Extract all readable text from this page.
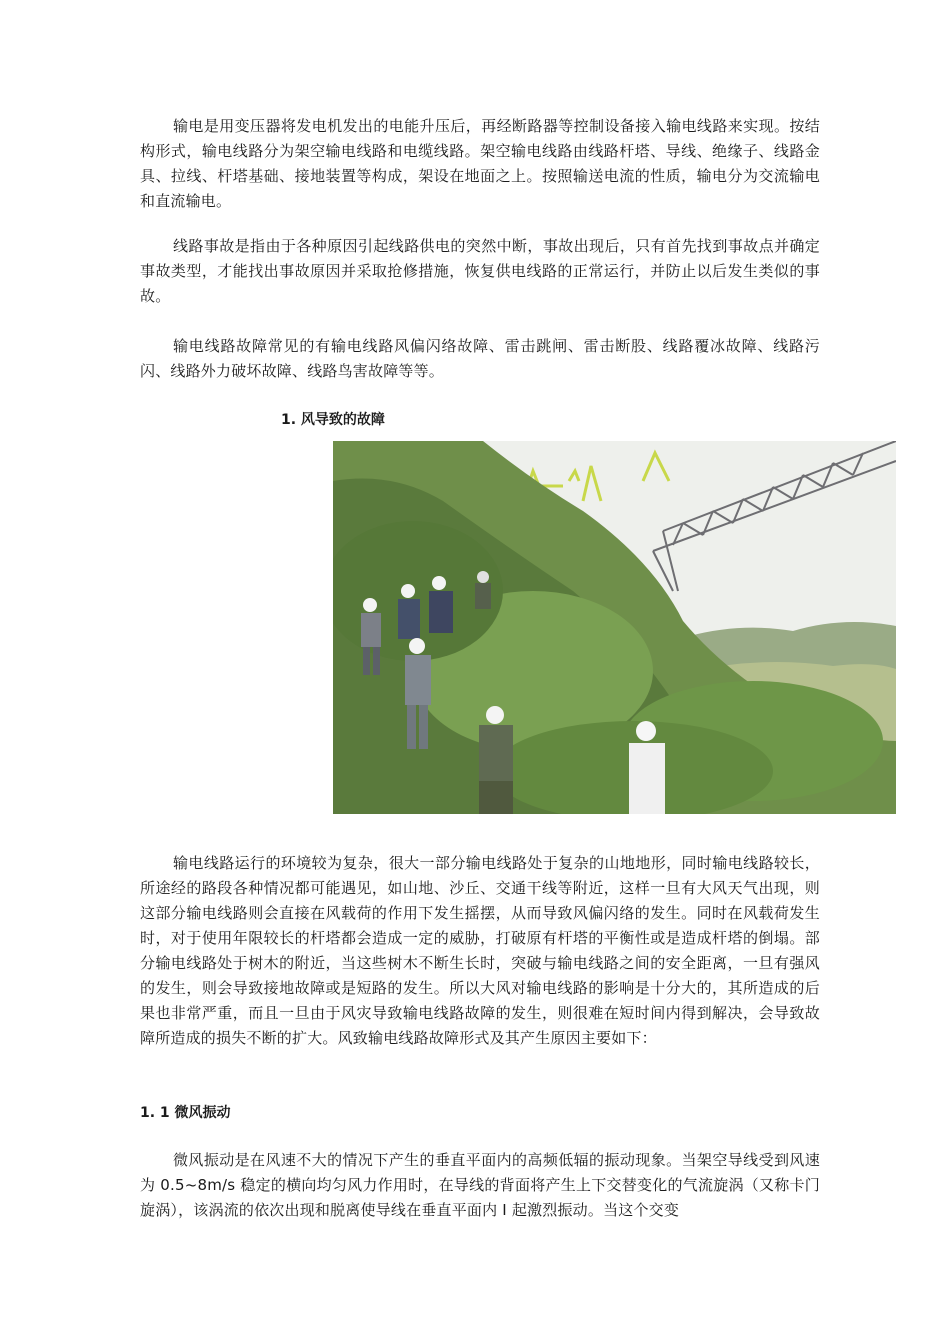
输电是用变压器将发电机发出的电能升压后，再经断路器等控制设备接入输电线路来实现。按结构形式，输电线路分为架空输电线路和电缆线路。架空输电线路由线路杆塔、导线、绝缘子、线路金具、拉线、杆塔基础、接地装置等构成，架设在地面之上。按照输送电流的性质，输电分为交流输电和直流输电。

线路事故是指由于各种原因引起线路供电的突然中断，事故出现后，只有首先找到事故点并确定事故类型，才能找出事故原因并采取抢修措施，恢复供电线路的正常运行，并防止以后发生类似的事故。

输电线路故障常见的有输电线路风偏闪络故障、雷击跳闸、雷击断股、线路覆冰故障、线路污闪、线路外力破坏故障、线路鸟害故障等等。

1. 风导致的故障

输电线路运行的环境较为复杂，很大一部分输电线路处于复杂的山地地形，同时输电线路较长，所途经的路段各种情况都可能遇见，如山地、沙丘、交通干线等附近，这样一旦有大风天气出现，则这部分输电线路则会直接在风载荷的作用下发生摇摆，从而导致风偏闪络的发生。同时在风载荷发生时，对于使用年限较长的杆塔都会造成一定的威胁，打破原有杆塔的平衡性或是造成杆塔的倒塌。部分输电线路处于树木的附近，当这些树木不断生长时，突破与输电线路之间的安全距离，一旦有强风的发生，则会导致接地故障或是短路的发生。所以大风对输电线路的影响是十分大的，其所造成的后果也非常严重，而且一旦由于风灾导致输电线路故障的发生，则很难在短时间内得到解决，会导致故障所造成的损失不断的扩大。风致输电线路故障形式及其产生原因主要如下：

1. 1 微风振动

微风振动是在风速不大的情况下产生的垂直平面内的高频低辐的振动现象。当架空导线受到风速为 0.5~8m/s 稳定的横向均匀风力作用时，在导线的背面将产生上下交替变化的气流旋涡（又称卡门旋涡），该涡流的依次出现和脱离使导线在垂直平面内 I 起激烈振动。当这个交变
